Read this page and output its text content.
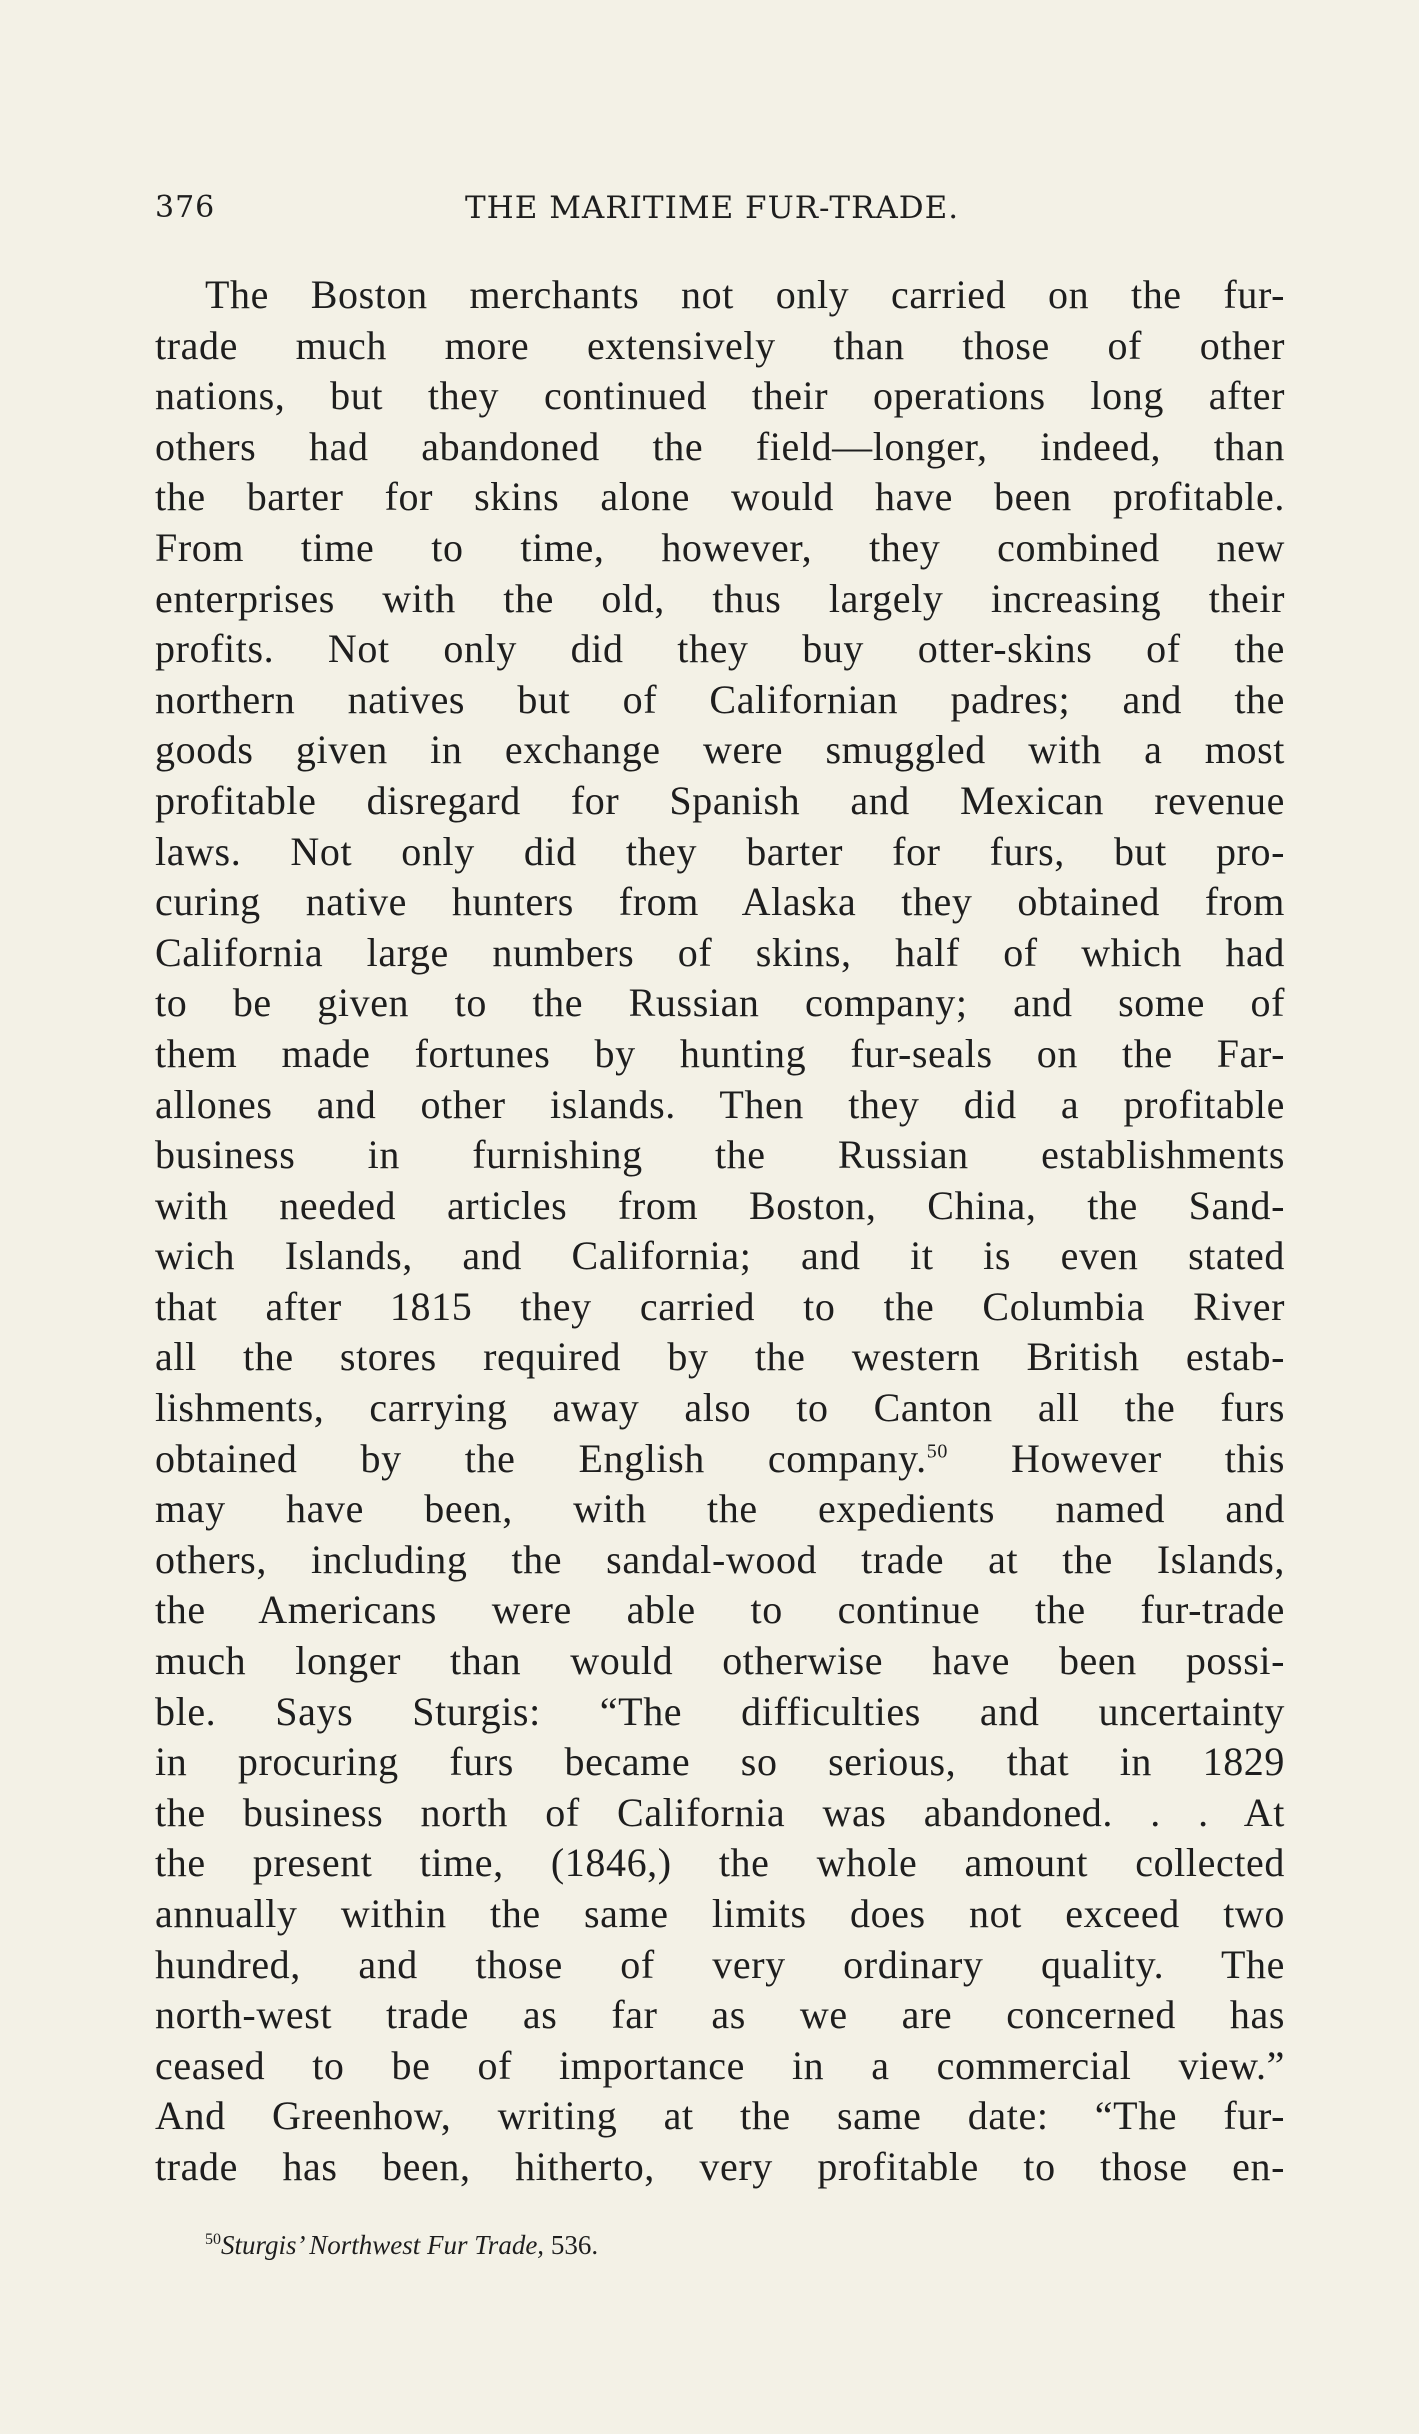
376	THE MARITIME FUR-TRADE.
The Boston merchants not only carried on the fur-
trade much more extensively than those of other
nations, but they continued their operations long after
others had abandoned the field—longer, indeed, than
the barter for skins alone would have been profitable.
From time to time, however, they combined new
enterprises with the old, thus largely increasing their
profits. Not only did they buy otter-skins of the
northern natives but of Californian padres; and the
goods given in exchange were smuggled with a most
profitable disregard for Spanish and Mexican revenue
laws. Not only did they barter for furs, but pro-
curing native hunters from Alaska they obtained from
California large numbers of skins, half of which had
to be given to the Russian company; and some of
them made fortunes by hunting fur-seals on the Far-
allones and other islands. Then they did a profitable
business in furnishing the Russian establishments
with needed articles from Boston, China, the Sand-
wich Islands, and California; and it is even stated
that after 1815 they carried to the Columbia River
all the stores required by the western British estab-
lishments, carrying away also to Canton all the furs
obtained by the English company.$^{50}$ However this
may have been, with the expedients named and
others, including the sandal-wood trade at the Islands,
the Americans were able to continue the fur-trade
much longer than would otherwise have been possi-
ble. Says Sturgis: “The difficulties and uncertainty
in procuring furs became so serious, that in 1829
the business north of California was abandoned. . . At
the present time, (1846,) the whole amount collected
annually within the same limits does not exceed two
hundred, and those of very ordinary quality. The
north-west trade as far as we are concerned has
ceased to be of importance in a commercial view.”
And Greenhow, writing at the same date: “The fur-
trade has been, hitherto, very profitable to those en-
$^{50}$Sturgis’ Northwest Fur Trade, 536.
